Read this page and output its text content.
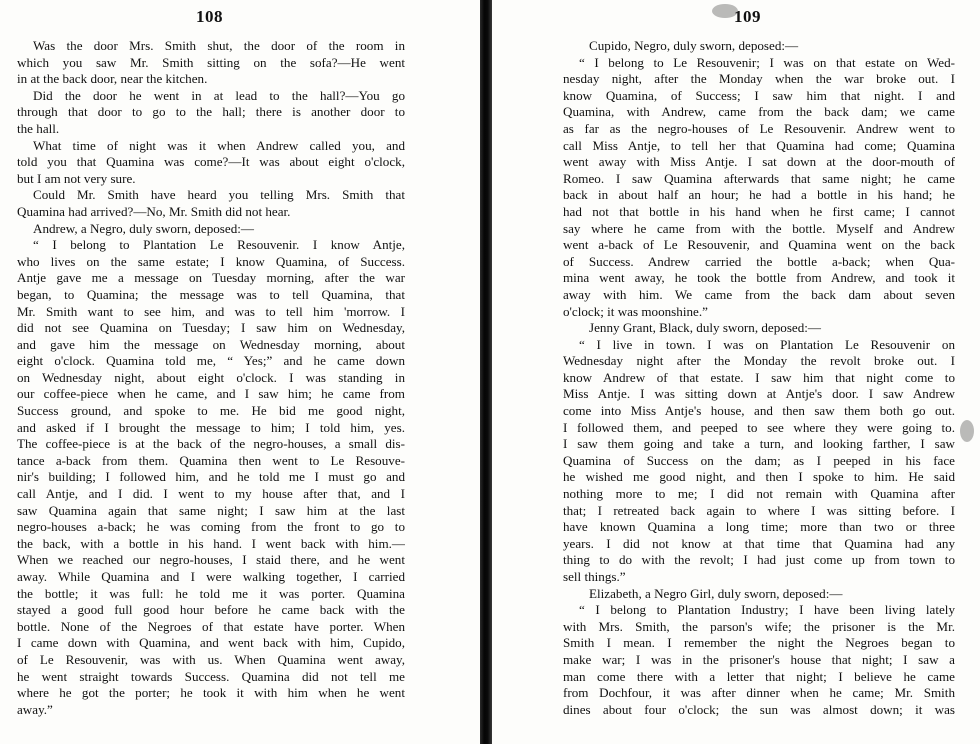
108
Was the door Mrs. Smith shut, the door of the room in
which you saw Mr. Smith sitting on the sofa?—He went
in at the back door, near the kitchen.
Did the door he went in at lead to the hall?—You go
through that door to go to the hall; there is another door to
the hall.
What time of night was it when Andrew called you, and
told you that Quamina was come?—It was about eight o'clock,
but I am not very sure.
Could Mr. Smith have heard you telling Mrs. Smith that
Quamina had arrived?—No, Mr. Smith did not hear.
Andrew, a Negro, duly sworn, deposed:—
“ I belong to Plantation Le Resouvenir. I know Antje,
who lives on the same estate; I know Quamina, of Success.
Antje gave me a message on Tuesday morning, after the war
began, to Quamina; the message was to tell Quamina, that
Mr. Smith want to see him, and was to tell him 'morrow. I
did not see Quamina on Tuesday; I saw him on Wednesday,
and gave him the message on Wednesday morning, about
eight o'clock. Quamina told me, “ Yes;” and he came down
on Wednesday night, about eight o'clock. I was standing in
our coffee-piece when he came, and I saw him; he came from
Success ground, and spoke to me. He bid me good night,
and asked if I brought the message to him; I told him, yes.
The coffee-piece is at the back of the negro-houses, a small dis-
tance a-back from them. Quamina then went to Le Resouve-
nir's building; I followed him, and he told me I must go and
call Antje, and I did. I went to my house after that, and I
saw Quamina again that same night; I saw him at the last
negro-houses a-back; he was coming from the front to go to
the back, with a bottle in his hand. I went back with him.—
When we reached our negro-houses, I staid there, and he went
away. While Quamina and I were walking together, I carried
the bottle; it was full: he told me it was porter. Quamina
stayed a good full good hour before he came back with the
bottle. None of the Negroes of that estate have porter. When
I came down with Quamina, and went back with him, Cupido,
of Le Resouvenir, was with us. When Quamina went away,
he went straight towards Success. Quamina did not tell me
where he got the porter; he took it with him when he went
away.”
109
Cupido, Negro, duly sworn, deposed:—
“ I belong to Le Resouvenir; I was on that estate on Wed-
nesday night, after the Monday when the war broke out. I
know Quamina, of Success; I saw him that night. I and
Quamina, with Andrew, came from the back dam; we came
as far as the negro-houses of Le Resouvenir. Andrew went to
call Miss Antje, to tell her that Quamina had come; Quamina
went away with Miss Antje. I sat down at the door-mouth of
Romeo. I saw Quamina afterwards that same night; he came
back in about half an hour; he had a bottle in his hand; he
had not that bottle in his hand when he first came; I cannot
say where he came from with the bottle. Myself and Andrew
went a-back of Le Resouvenir, and Quamina went on the back
of Success. Andrew carried the bottle a-back; when Qua-
mina went away, he took the bottle from Andrew, and took it
away with him. We came from the back dam about seven
o'clock; it was moonshine.”
Jenny Grant, Black, duly sworn, deposed:—
“ I live in town. I was on Plantation Le Resouvenir on
Wednesday night after the Monday the revolt broke out. I
know Andrew of that estate. I saw him that night come to
Miss Antje. I was sitting down at Antje's door. I saw Andrew
come into Miss Antje's house, and then saw them both go out.
I followed them, and peeped to see where they were going to.
I saw them going and take a turn, and looking farther, I saw
Quamina of Success on the dam; as I peeped in his face
he wished me good night, and then I spoke to him. He said
nothing more to me; I did not remain with Quamina after
that; I retreated back again to where I was sitting before. I
have known Quamina a long time; more than two or three
years. I did not know at that time that Quamina had any
thing to do with the revolt; I had just come up from town to
sell things.”
Elizabeth, a Negro Girl, duly sworn, deposed:—
“ I belong to Plantation Industry; I have been living lately
with Mrs. Smith, the parson's wife; the prisoner is the Mr.
Smith I mean. I remember the night the Negroes began to
make war; I was in the prisoner's house that night; I saw a
man come there with a letter that night; I believe he came
from Dochfour, it was after dinner when he came; Mr. Smith
dines about four o'clock; the sun was almost down; it was
